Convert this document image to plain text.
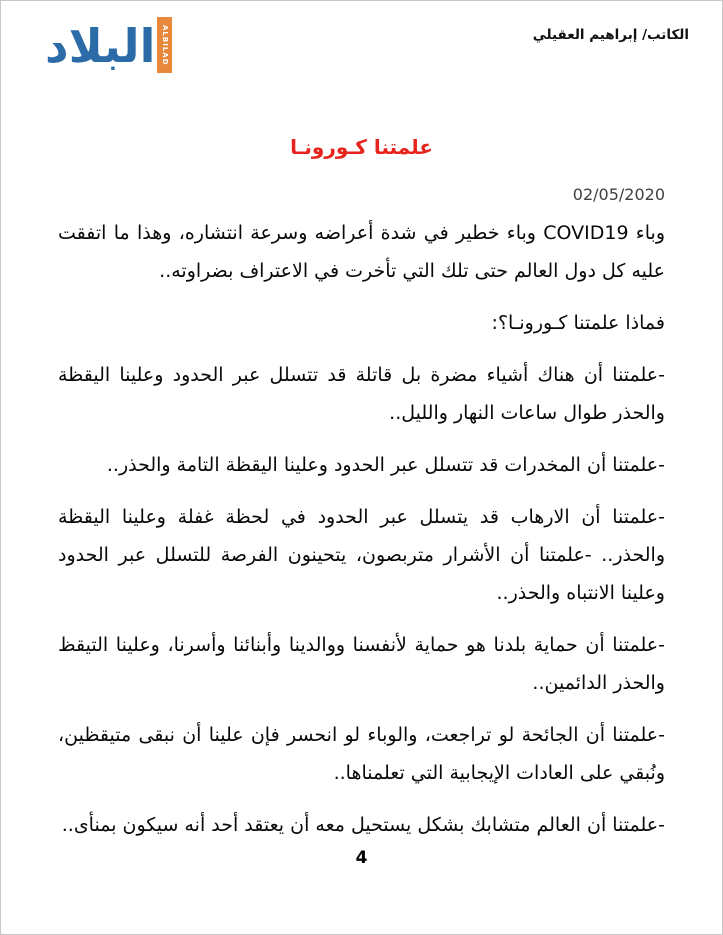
البلاد ALBILAD	الكاتب/ إبراهيم العقيلي
علمتنا كـورونـا
02/05/2020

وباء COVID19 وباء خطير في شدة أعراضه وسرعة انتشاره، وهذا ما اتفقت عليه كل دول العالم حتى تلك التي تأخرت في الاعتراف بضراوته..

فماذا علمتنا كـورونـا؟:

-علمتنا أن هناك أشياء مضرة بل قاتلة قد تتسلل عبر الحدود وعلينا اليقظة والحذر طوال ساعات النهار والليل..

-علمتنا أن المخدرات قد تتسلل عبر الحدود وعلينا اليقظة التامة والحذر..

-علمتنا أن الارهاب قد يتسلل عبر الحدود في لحظة غفلة وعلينا اليقظة والحذر.. -علمتنا أن الأشرار متربصون، يتحينون الفرصة للتسلل عبر الحدود وعلينا الانتباه والحذر..

-علمتنا أن حماية بلدنا هو حماية لأنفسنا ووالدينا وأبنائنا وأسرنا، وعلينا التيقظ والحذر الدائمين..

-علمتنا أن الجائحة لو تراجعت، والوباء لو انحسر فإن علينا أن نبقى متيقظين، ونُبقي على العادات الإيجابية التي تعلمناها..

-علمتنا أن العالم متشابك بشكل يستحيل معه أن يعتقد أحد أنه سيكون بمنأى..

4
